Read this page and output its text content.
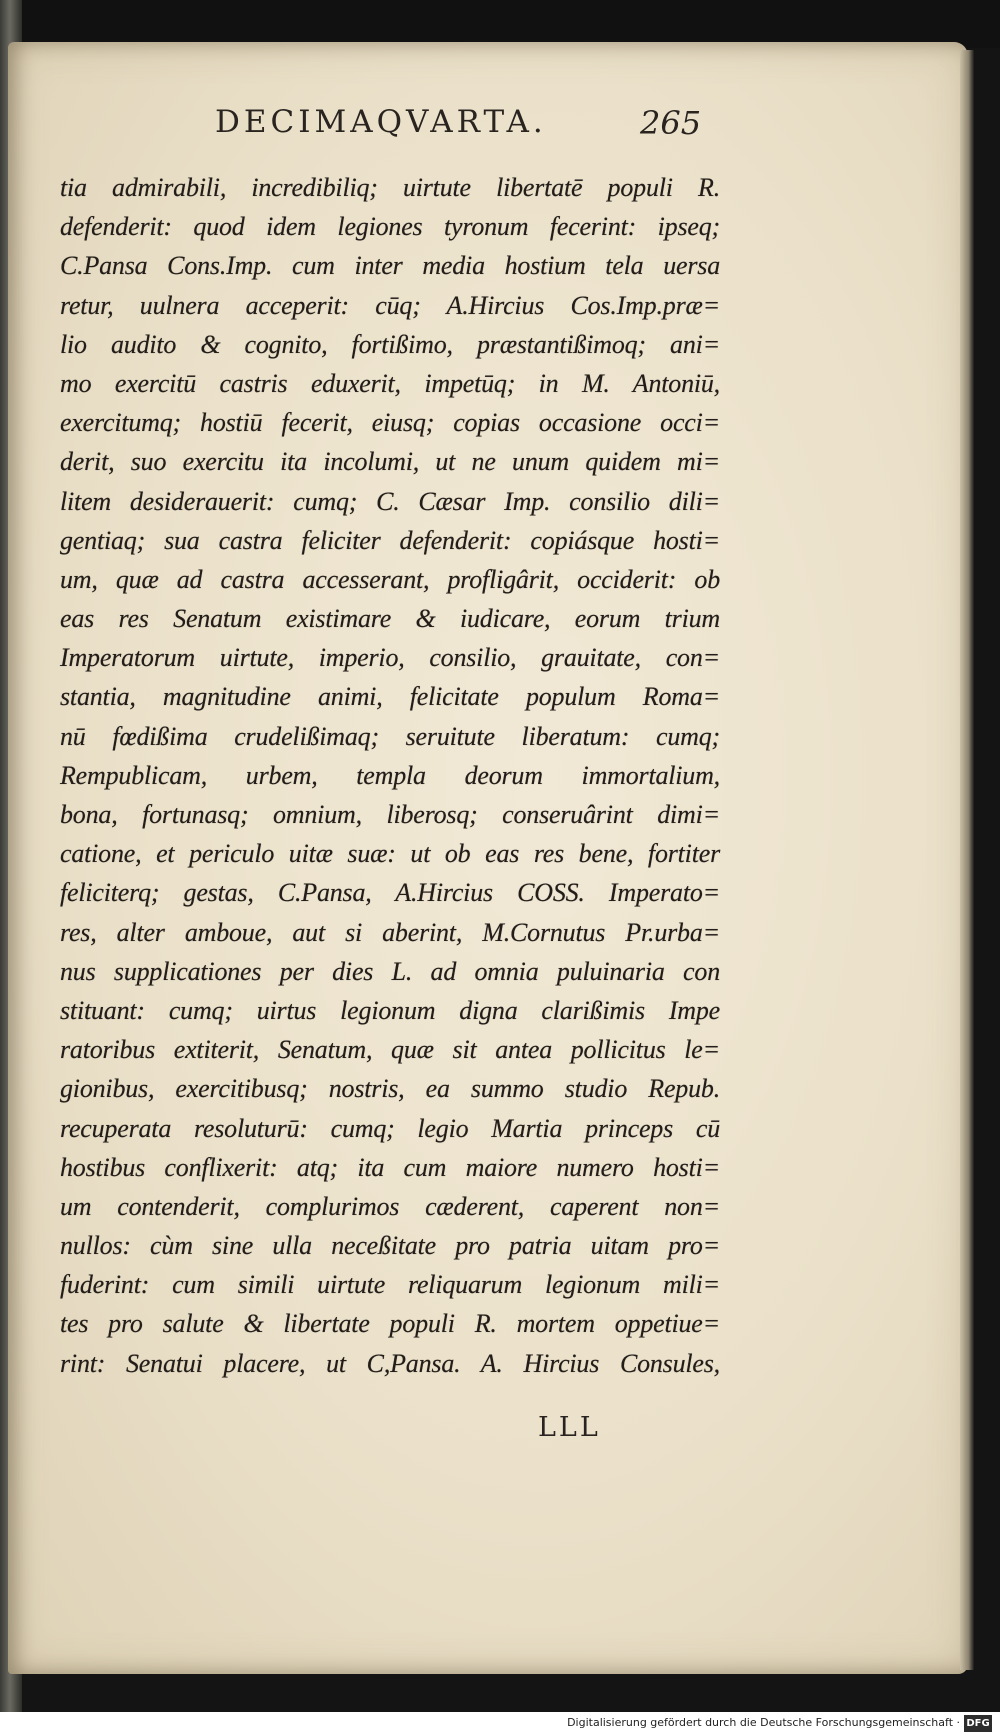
DECIMAQVARTA.	265
tia admirabili, incredibiliq; uirtute libertatē populi R.
defenderit: quod idem legiones tyronum fecerint: ipseq;
C.Pansa Cons.Imp. cum inter media hostium tela uersa
retur, uulnera acceperit: cūq; A.Hircius Cos.Imp.præ=
lio audito & cognito, fortißimo, præstantißimoq; ani=
mo exercitū castris eduxerit, impetūq; in M. Antoniū,
exercitumq; hostiū fecerit, eiusq; copias occasione occi=
derit, suo exercitu ita incolumi, ut ne unum quidem mi=
litem desiderauerit: cumq; C. Cæsar Imp. consilio dili=
gentiaq; sua castra feliciter defenderit: copiásque hosti=
um, quæ ad castra accesserant, profligârit, occiderit: ob
eas res Senatum existimare & iudicare, eorum trium
Imperatorum uirtute, imperio, consilio, grauitate, con=
stantia, magnitudine animi, felicitate populum Roma=
nū fœdißima crudelißimaq; seruitute liberatum: cumq;
Rempublicam, urbem, templa deorum immortalium,
bona, fortunasq; omnium, liberosq; conseruârint dimi=
catione, et periculo uitæ suæ: ut ob eas res bene, fortiter
feliciterq; gestas, C.Pansa, A.Hircius COSS. Imperato=
res, alter amboue, aut si aberint, M.Cornutus Pr.urba=
nus supplicationes per dies L. ad omnia puluinaria con
stituant: cumq; uirtus legionum digna clarißimis Impe
ratoribus extiterit, Senatum, quæ sit antea pollicitus le=
gionibus, exercitibusq; nostris, ea summo studio Repub.
recuperata resoluturū: cumq; legio Martia princeps cū
hostibus conflixerit: atq; ita cum maiore numero hosti=
um contenderit, complurimos cæderent, caperent non=
nullos: cùm sine ulla neceßitate pro patria uitam pro=
fuderint: cum simili uirtute reliquarum legionum mili=
tes pro salute & libertate populi R. mortem oppetiue=
rint: Senatui placere, ut C,Pansa. A. Hircius Consules,
LLL
Digitalisierung gefördert durch die Deutsche Forschungsgemeinschaft · DFG
